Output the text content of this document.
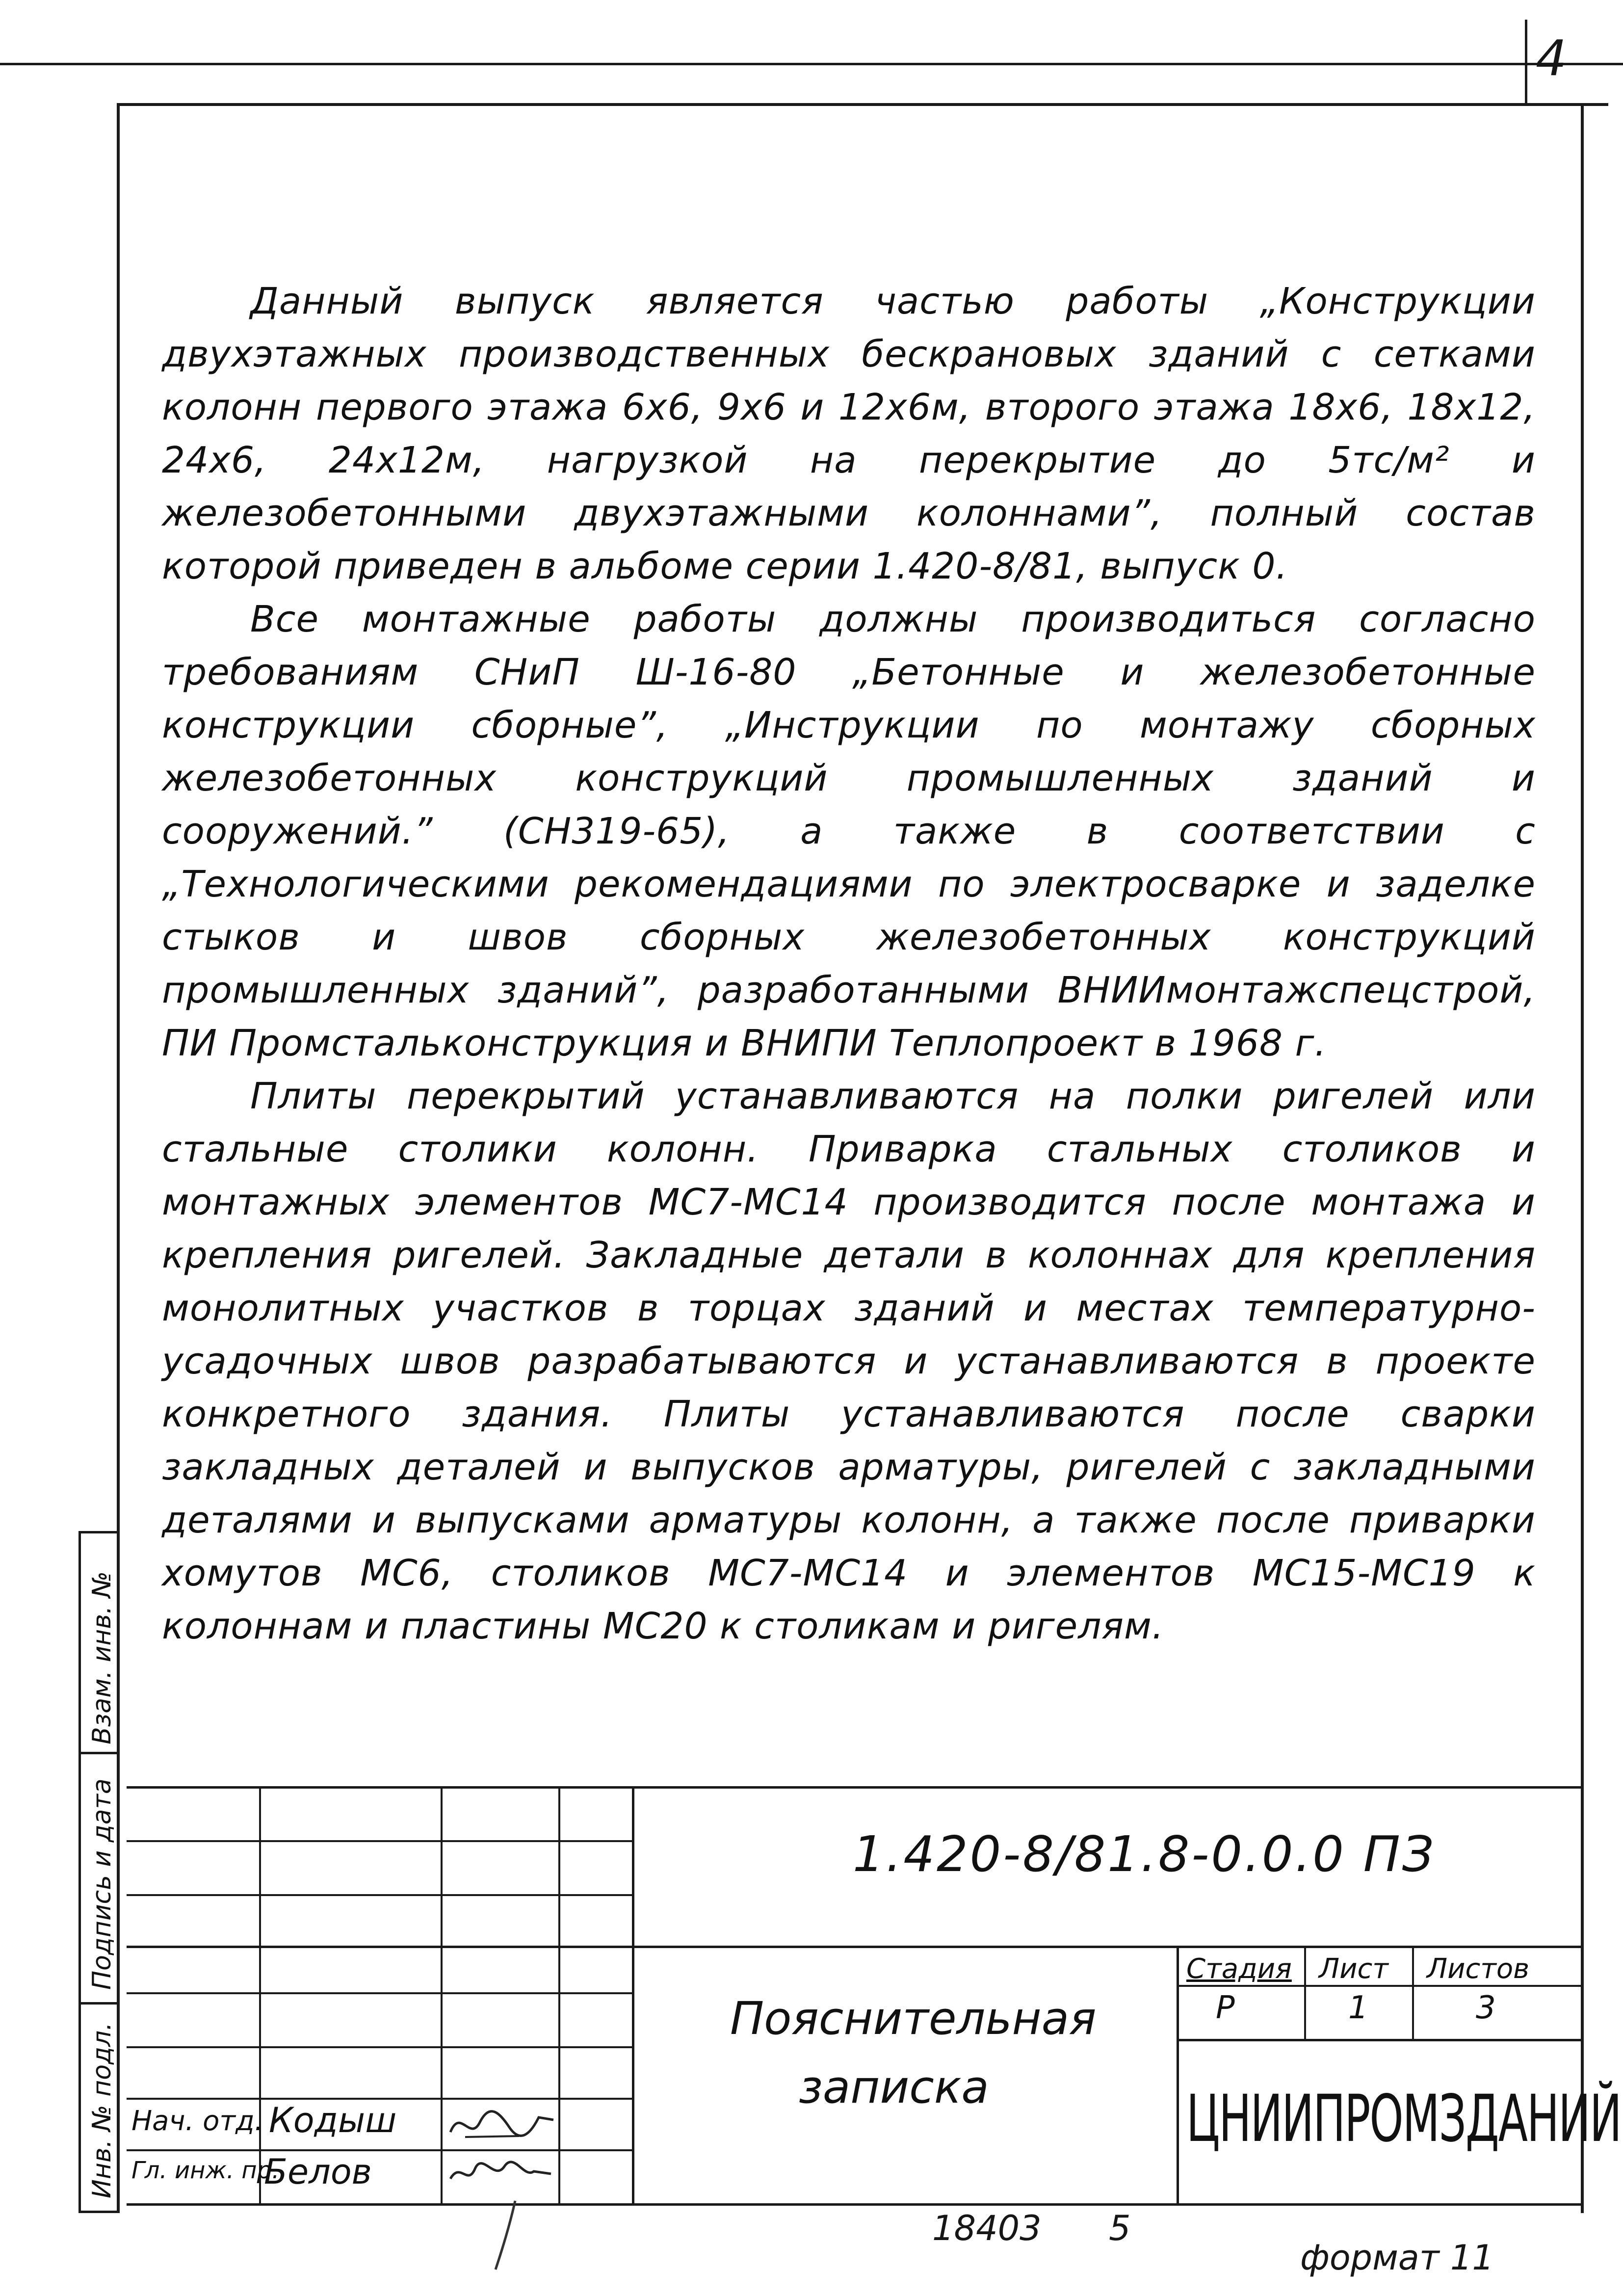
4

Данный выпуск является частью работы „Конструкции двухэтажных производственных бескрановых зданий с сетками колонн первого этажа 6х6, 9х6 и 12х6м, второго этажа 18х6, 18х12, 24х6, 24х12м, нагрузкой на перекрытие до 5тс/м² и железобетонными двухэтажными колоннами”, полный состав которой приведен в альбоме серии 1.420-8/81, выпуск 0.

Все монтажные работы должны производиться согласно требованиям СНиП Ш-16-80 „Бетонные и железобетонные конструкции сборные”, „Инструкции по монтажу сборных железобетонных конструкций промышленных зданий и сооружений.” (СН319-65), а также в соответствии с „Технологическими рекомендациями по электросварке и заделке стыков и швов сборных железобетонных конструкций промышленных зданий”, разработанными ВНИИмонтажспецстрой, ПИ Промстальконструкция и ВНИПИ Теплопроект в 1968 г.

Плиты перекрытий устанавливаются на полки ригелей или стальные столики колонн. Приварка стальных столиков и монтажных элементов МС7-МС14 производится после монтажа и крепления ригелей. Закладные детали в колоннах для крепления монолитных участков в торцах зданий и местах температурно-усадочных швов разрабатываются и устанавливаются в проекте конкретного здания. Плиты устанавливаются после сварки закладных деталей и выпусков арматуры, ригелей с закладными деталями и выпусками арматуры колонн, а также после приварки хомутов МС6, столиков МС7-МС14 и элементов МС15-МС19 к колоннам и пластины МС20 к столикам и ригелям.

Взам. инв. №
Подпись и дата
Инв. № подл.
1.420-8/81.8-0.0.0 ПЗ
Пояснительная
записка
Стадия Лист Листов
Р	1	3
ЦНИИПРОМЗДАНИЙ
Нач. отд. Кодыш
Гл. инж. пр.
Белов
18403 5
формат 11
